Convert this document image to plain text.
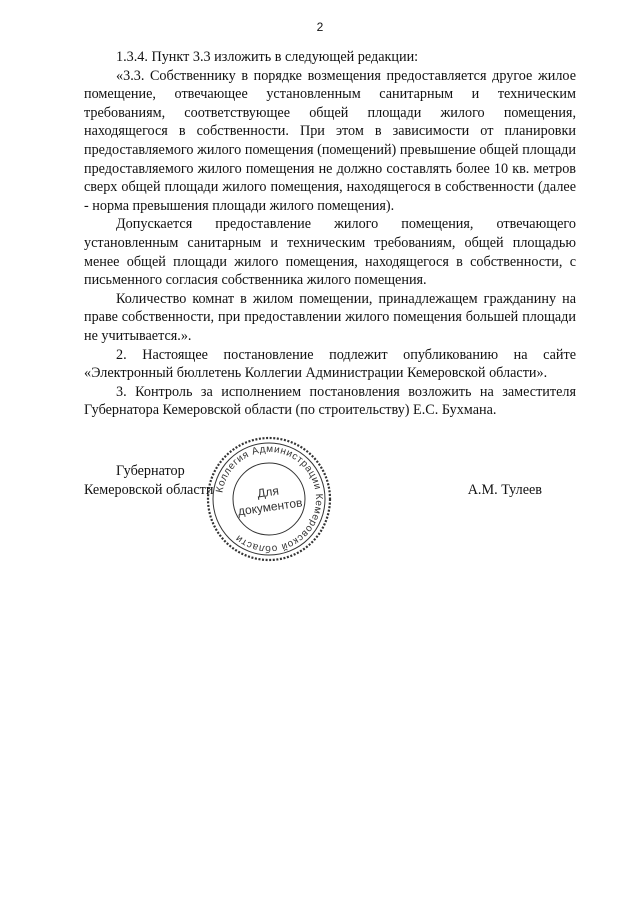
2

1.3.4. Пункт 3.3 изложить в следующей редакции:

«3.3. Собственнику в порядке возмещения предоставляется другое жилое помещение, отвечающее установленным санитарным и техническим требованиям, соответствующее общей площади жилого помещения, находящегося в собственности. При этом в зависимости от планировки предоставляемого жилого помещения (помещений) превышение общей площади предоставляемого жилого помещения не должно составлять более 10 кв. метров сверх общей площади жилого помещения, находящегося в собственности (далее - норма превышения площади жилого помещения).

Допускается предоставление жилого помещения, отвечающего установленным санитарным и техническим требованиям, общей площадью менее общей площади жилого помещения, находящегося в собственности, с письменного согласия собственника жилого помещения.

Количество комнат в жилом помещении, принадлежащем гражданину на праве собственности, при предоставлении жилого помещения большей площади не учитывается.».

2. Настоящее постановление подлежит опубликованию на сайте «Электронный бюллетень Коллегии Администрации Кемеровской области».

3. Контроль за исполнением постановления возложить на заместителя Губернатора Кемеровской области (по строительству) Е.С. Бухмана.

Губернатор
Кемеровской области Коллегия Администрации Кемеровской области
Для
документов
А.М. Тулеев
